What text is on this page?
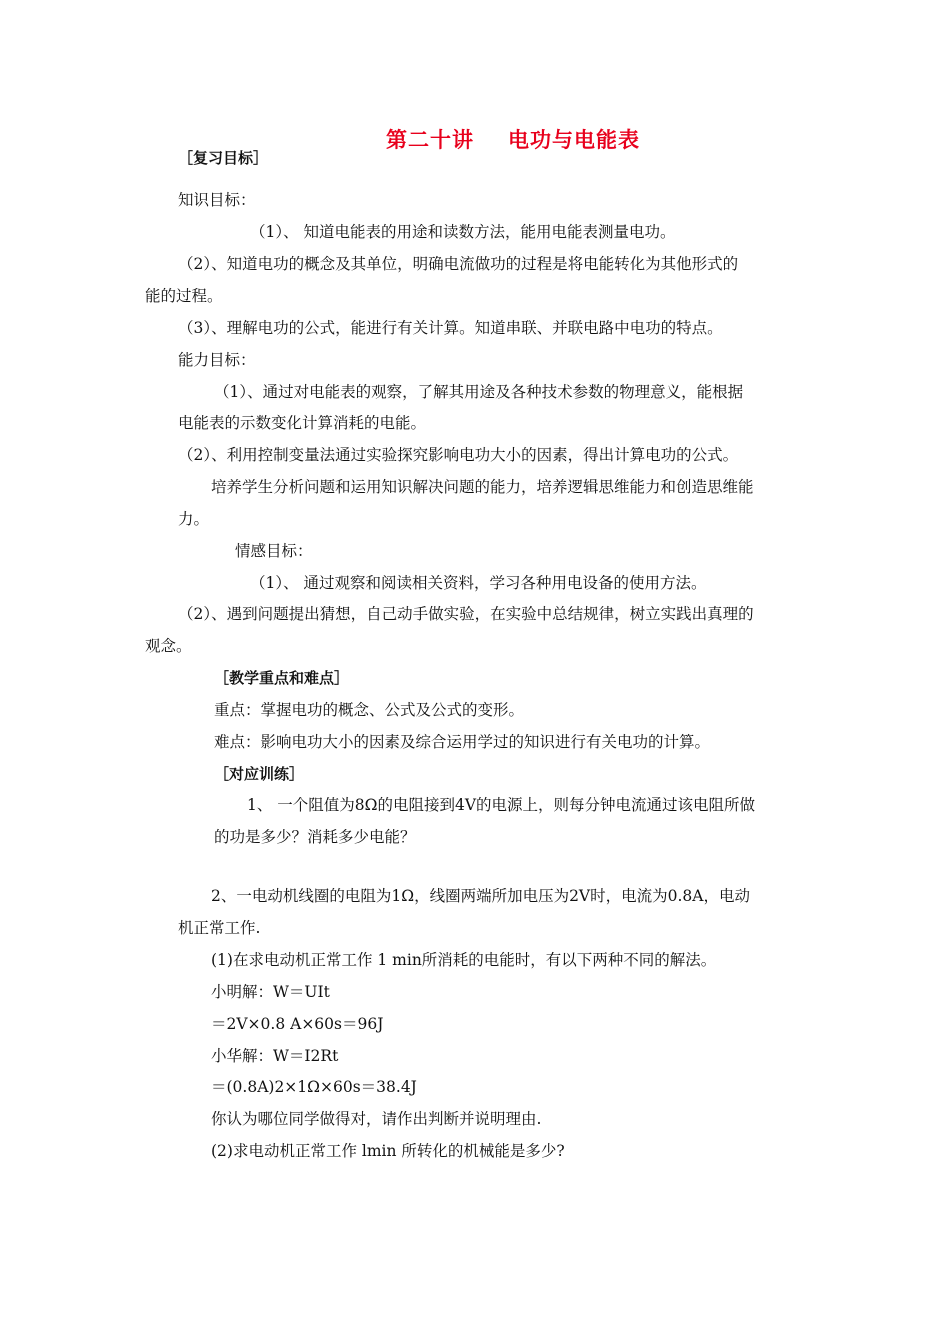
第二十讲 电功与电能表
［复习目标］
知识目标：
（1）、 知道电能表的用途和读数方法，能用电能表测量电功。
（2）、知道电功的概念及其单位，明确电流做功的过程是将电能转化为其他形式的
能的过程。
（3）、理解电功的公式，能进行有关计算。知道串联、并联电路中电功的特点。
能力目标：
（1）、通过对电能表的观察，了解其用途及各种技术参数的物理意义，能根据
电能表的示数变化计算消耗的电能。
（2）、利用控制变量法通过实验探究影响电功大小的因素，得出计算电功的公式。
培养学生分析问题和运用知识解决问题的能力，培养逻辑思维能力和创造思维能
力。
情感目标：
（1）、 通过观察和阅读相关资料，学习各种用电设备的使用方法。
（2）、遇到问题提出猜想，自己动手做实验，在实验中总结规律，树立实践出真理的
观念。
［教学重点和难点］
重点：掌握电功的概念、公式及公式的变形。
难点：影响电功大小的因素及综合运用学过的知识进行有关电功的计算。
［对应训练］
1、 一个阻值为8Ω的电阻接到4V的电源上，则每分钟电流通过该电阻所做
的功是多少？消耗多少电能？
2、一电动机线圈的电阻为1Ω，线圈两端所加电压为2V时，电流为0.8A，电动
机正常工作.
(1)在求电动机正常工作 1 min所消耗的电能时，有以下两种不同的解法。
小明解：W＝UIt
＝2V×0.8 A×60s＝96J
小华解：W＝I2Rt
＝(0.8A)2×1Ω×60s＝38.4J
你认为哪位同学做得对，请作出判断并说明理由.
(2)求电动机正常工作 lmin 所转化的机械能是多少?
